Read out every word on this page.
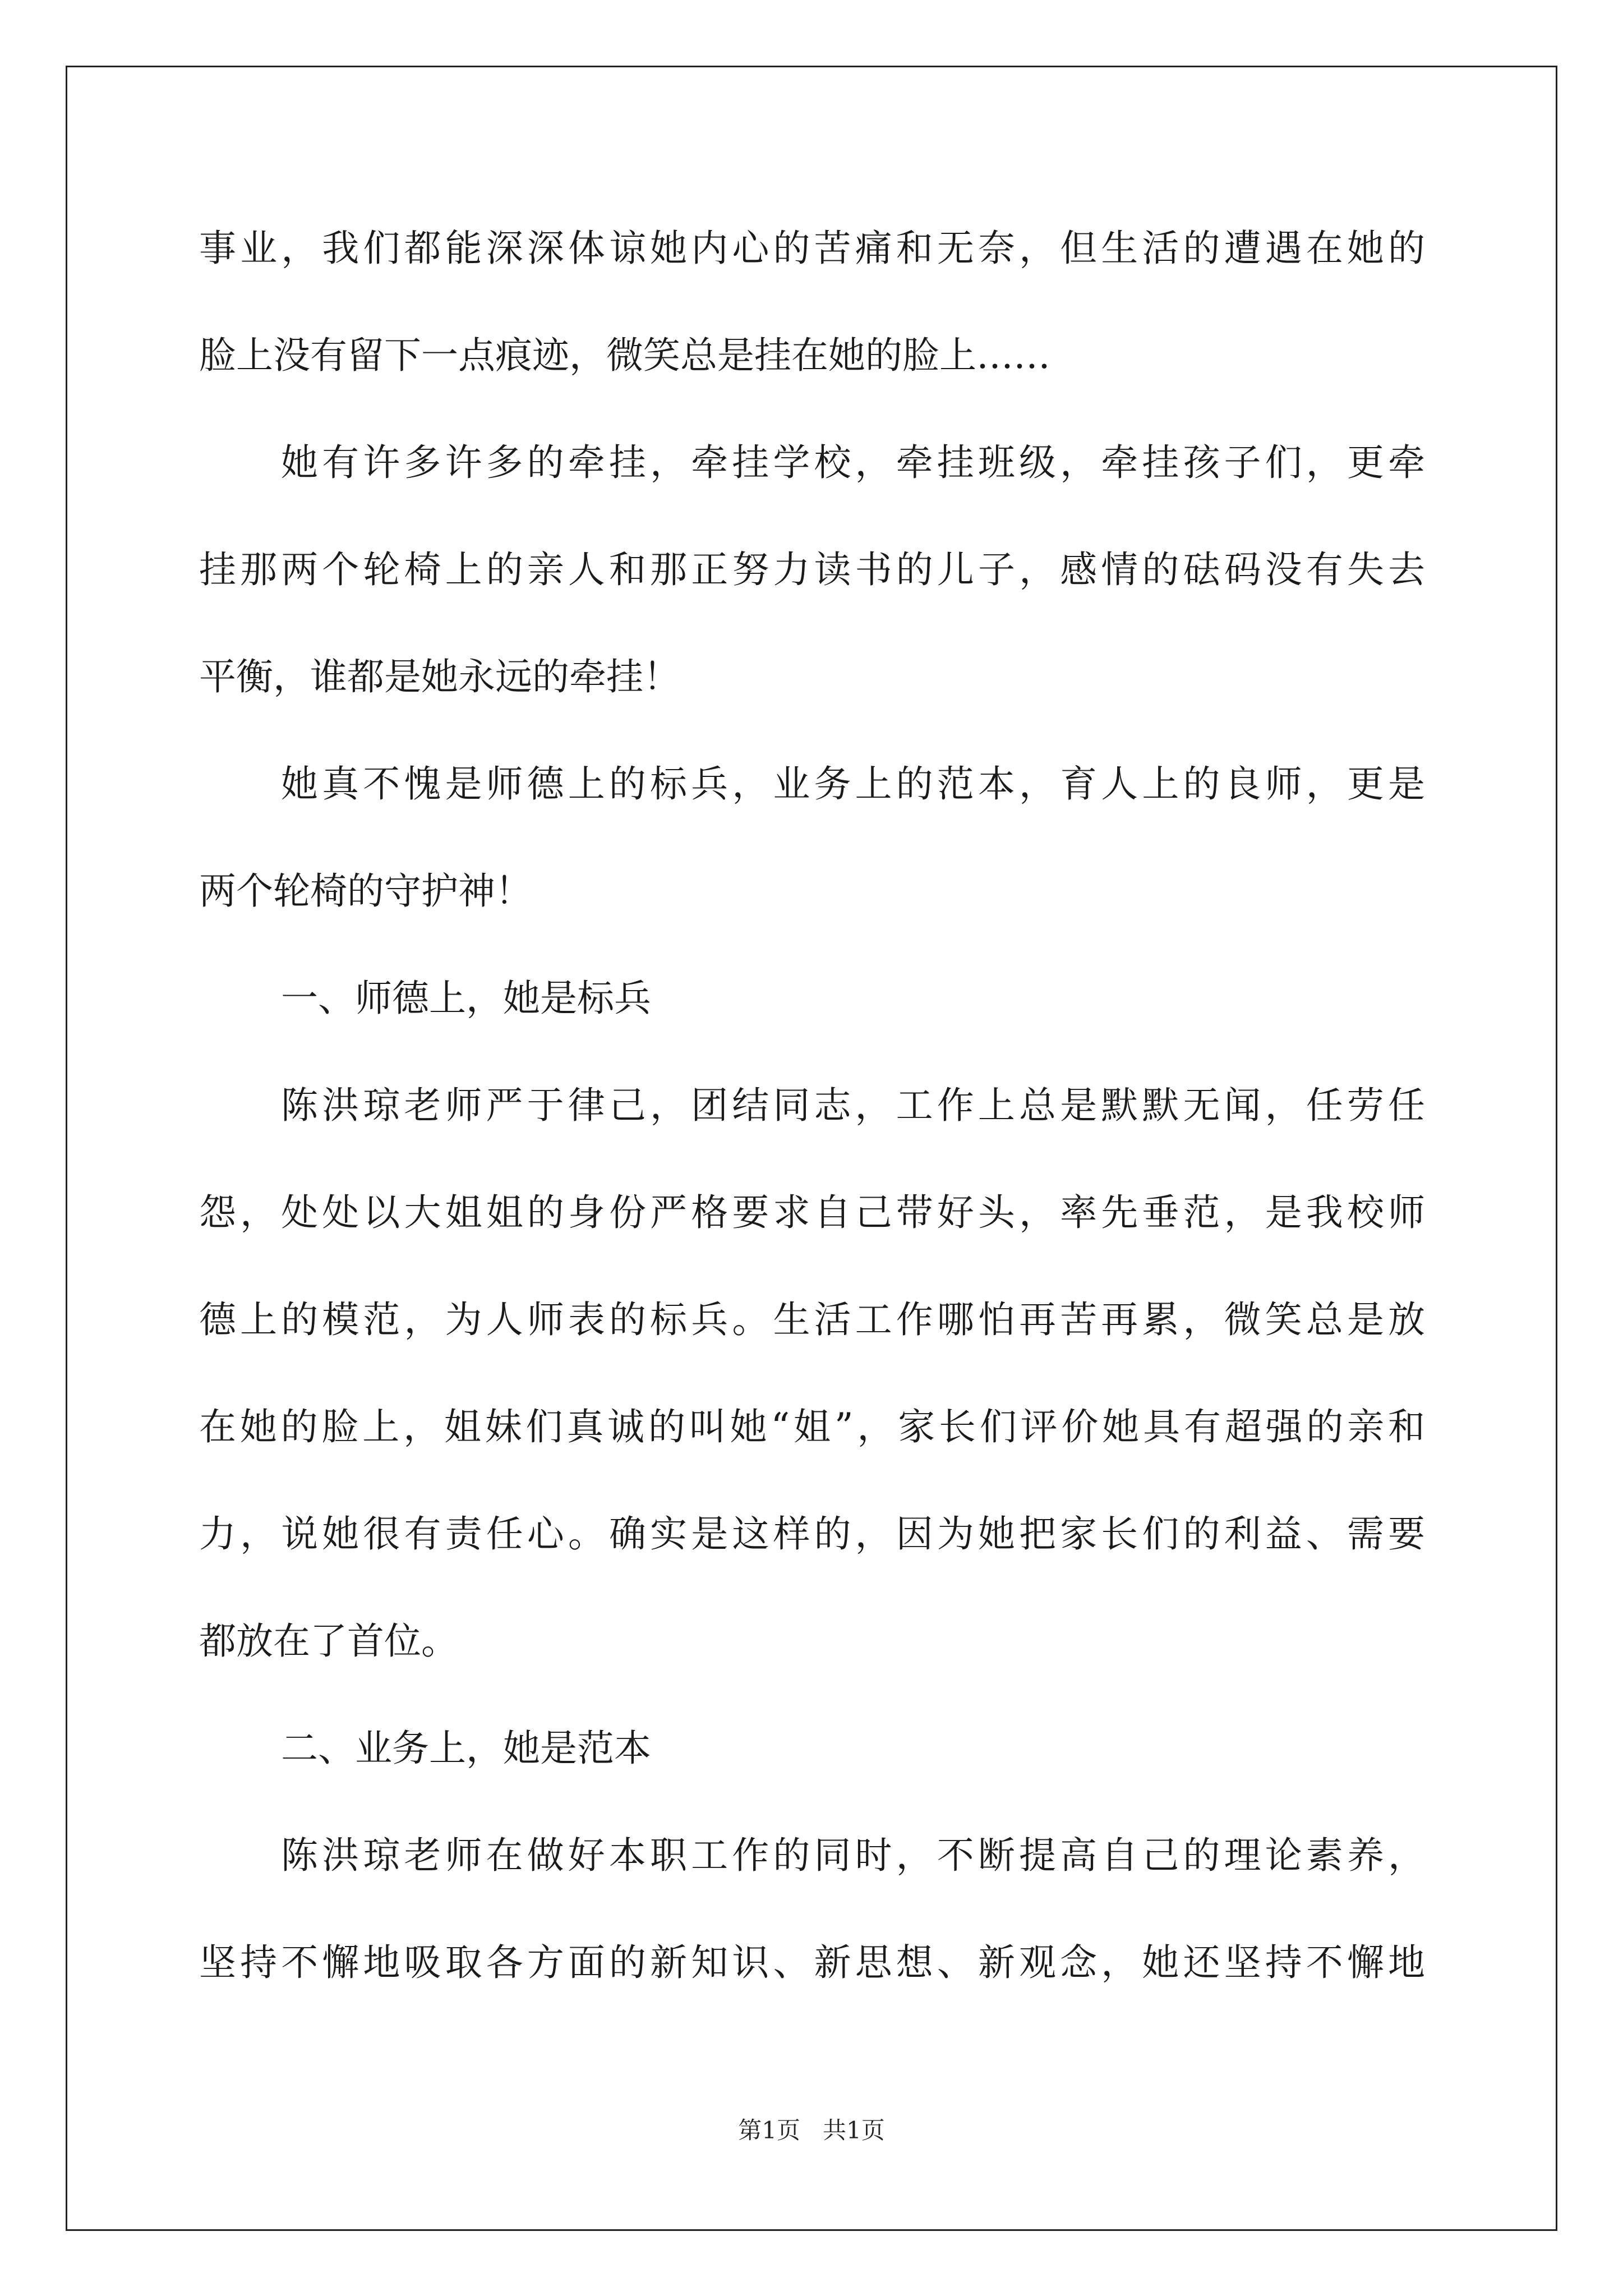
事业，我们都能深深体谅她内心的苦痛和无奈，但生活的遭遇在她的
脸上没有留下一点痕迹，微笑总是挂在她的脸上……
她有许多许多的牵挂，牵挂学校，牵挂班级，牵挂孩子们，更牵
挂那两个轮椅上的亲人和那正努力读书的儿子，感情的砝码没有失去
平衡，谁都是她永远的牵挂！
她真不愧是师德上的标兵，业务上的范本，育人上的良师，更是
两个轮椅的守护神！
一、师德上，她是标兵
陈洪琼老师严于律己，团结同志，工作上总是默默无闻，任劳任
怨，处处以大姐姐的身份严格要求自己带好头，率先垂范，是我校师
德上的模范，为人师表的标兵。生活工作哪怕再苦再累，微笑总是放
在她的脸上，姐妹们真诚的叫她“姐”，家长们评价她具有超强的亲和
力，说她很有责任心。确实是这样的，因为她把家长们的利益、需要
都放在了首位。
二、业务上，她是范本
陈洪琼老师在做好本职工作的同时，不断提高自己的理论素养，
坚持不懈地吸取各方面的新知识、新思想、新观念，她还坚持不懈地
第1页   共1页
